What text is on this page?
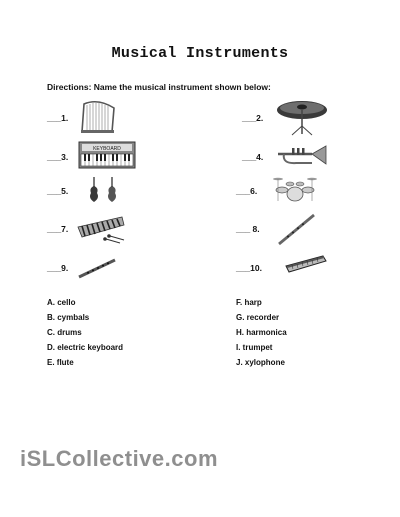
Musical Instruments
Directions: Name the musical instrument shown below:
___1.	___2.
___3.	___4.
___5.	___6.
___7.	___ 8.
___9.	___10.
KEYBOARD
A. cello
B. cymbals
C. drums
D. electric keyboard
E. flute
F. harp
G. recorder
H. harmonica
I. trumpet
J. xylophone
iSLCollective.com
